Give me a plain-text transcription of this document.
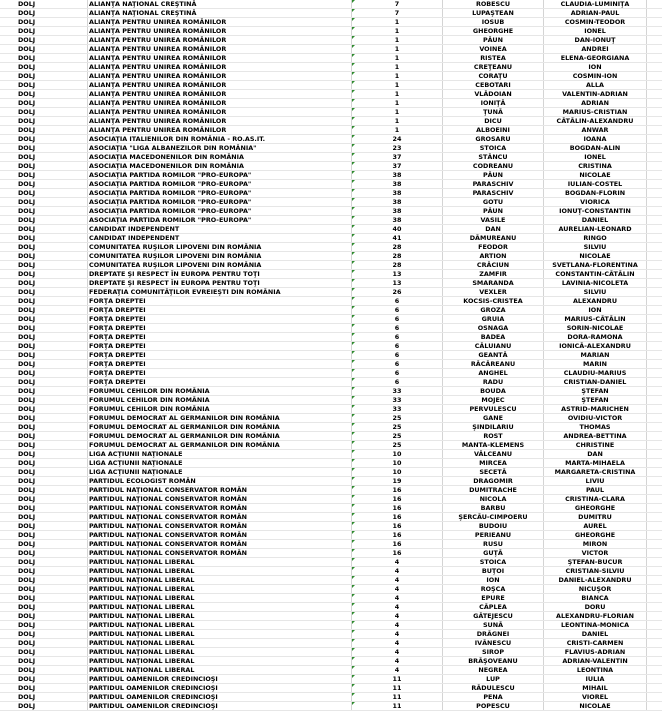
DOLJ	ALIANŢA NAŢIONAL CREŞTINĂ	7	ROBESCU	CLAUDIA-LUMINIŢA	
DOLJ	ALIANŢA NAŢIONAL CREŞTINĂ	7	LUPAŞTEAN	ADRIAN-PAUL	
DOLJ	ALIANŢA PENTRU UNIREA ROMÂNILOR	1	IOSUB	COSMIN-TEODOR	
DOLJ	ALIANŢA PENTRU UNIREA ROMÂNILOR	1	GHEORGHE	IONEL	
DOLJ	ALIANŢA PENTRU UNIREA ROMÂNILOR	1	PĂUN	DAN-IONUŢ	
DOLJ	ALIANŢA PENTRU UNIREA ROMÂNILOR	1	VOINEA	ANDREI	
DOLJ	ALIANŢA PENTRU UNIREA ROMÂNILOR	1	RISTEA	ELENA-GEORGIANA	
DOLJ	ALIANŢA PENTRU UNIREA ROMÂNILOR	1	CREŢEANU	ION	
DOLJ	ALIANŢA PENTRU UNIREA ROMÂNILOR	1	CORAŢU	COSMIN-ION	
DOLJ	ALIANŢA PENTRU UNIREA ROMÂNILOR	1	CEBOTARI	ALLA	
DOLJ	ALIANŢA PENTRU UNIREA ROMÂNILOR	1	VLĂDOIAN	VALENTIN-ADRIAN	
DOLJ	ALIANŢA PENTRU UNIREA ROMÂNILOR	1	IONIŢĂ	ADRIAN	
DOLJ	ALIANŢA PENTRU UNIREA ROMÂNILOR	1	ŢUNĂ	MARIUS-CRISTIAN	
DOLJ	ALIANŢA PENTRU UNIREA ROMÂNILOR	1	DICU	CĂTĂLIN-ALEXANDRU	
DOLJ	ALIANŢA PENTRU UNIREA ROMÂNILOR	1	ALBOEINI	ANWAR	
DOLJ	ASOCIAŢIA ITALIENILOR DIN ROMÂNIA - RO.AS.IT.	24	GROSARU	IOANA	
DOLJ	ASOCIAŢIA "LIGA ALBANEZILOR DIN ROMÂNIA"	23	STOICA	BOGDAN-ALIN	
DOLJ	ASOCIAŢIA MACEDONENILOR DIN ROMÂNIA	37	STĂNCU	IONEL	
DOLJ	ASOCIAŢIA MACEDONENILOR DIN ROMÂNIA	37	CODREANU	CRISTINA	
DOLJ	ASOCIAŢIA PARTIDA ROMILOR "PRO-EUROPA"	38	PĂUN	NICOLAE	
DOLJ	ASOCIAŢIA PARTIDA ROMILOR "PRO-EUROPA"	38	PARASCHIV	IULIAN-COSTEL	
DOLJ	ASOCIAŢIA PARTIDA ROMILOR "PRO-EUROPA"	38	PARASCHIV	BOGDAN-FLORIN	
DOLJ	ASOCIAŢIA PARTIDA ROMILOR "PRO-EUROPA"	38	GOTU	VIORICA	
DOLJ	ASOCIAŢIA PARTIDA ROMILOR "PRO-EUROPA"	38	PĂUN	IONUŢ-CONSTANTIN	
DOLJ	ASOCIAŢIA PARTIDA ROMILOR "PRO-EUROPA"	38	VASILE	DANIEL	
DOLJ	CANDIDAT INDEPENDENT	40	DAN	AURELIAN-LEONARD	
DOLJ	CANDIDAT INDEPENDENT	41	DĂMUREANU	RINGO	
DOLJ	COMUNITATEA RUŞILOR LIPOVENI DIN ROMÂNIA	28	FEODOR	SILVIU	
DOLJ	COMUNITATEA RUŞILOR LIPOVENI DIN ROMÂNIA	28	ARTION	NICOLAE	
DOLJ	COMUNITATEA RUŞILOR LIPOVENI DIN ROMÂNIA	28	CRĂCIUN	SVETLANA-FLORENTINA	
DOLJ	DREPTATE ŞI RESPECT ÎN EUROPA PENTRU TOŢI	13	ZAMFIR	CONSTANTIN-CĂTĂLIN	
DOLJ	DREPTATE ŞI RESPECT ÎN EUROPA PENTRU TOŢI	13	SMARANDA	LAVINIA-NICOLETA	
DOLJ	FEDERAŢIA COMUNITĂŢILOR EVREIEŞTI DIN ROMÂNIA	26	VEXLER	SILVIU	
DOLJ	FORŢA DREPTEI	6	KOCSIS-CRISTEA	ALEXANDRU	
DOLJ	FORŢA DREPTEI	6	GROZA	ION	
DOLJ	FORŢA DREPTEI	6	GRUIA	MARIUS-CĂTĂLIN	
DOLJ	FORŢA DREPTEI	6	OSNAGA	SORIN-NICOLAE	
DOLJ	FORŢA DREPTEI	6	BADEA	DORA-RAMONA	
DOLJ	FORŢA DREPTEI	6	CĂLUIANU	IONICĂ-ALEXANDRU	
DOLJ	FORŢA DREPTEI	6	GEANTĂ	MARIAN	
DOLJ	FORŢA DREPTEI	6	RĂCĂREANU	MARIN	
DOLJ	FORŢA DREPTEI	6	ANGHEL	CLAUDIU-MARIUS	
DOLJ	FORŢA DREPTEI	6	RADU	CRISTIAN-DANIEL	
DOLJ	FORUMUL CEHILOR DIN ROMÂNIA	33	BOUDA	ŞTEFAN	
DOLJ	FORUMUL CEHILOR DIN ROMÂNIA	33	MOJEC	ŞTEFAN	
DOLJ	FORUMUL CEHILOR DIN ROMÂNIA	33	PERVULESCU	ASTRID-MARICHEN	
DOLJ	FORUMUL DEMOCRAT AL GERMANILOR DIN ROMÂNIA	25	GANE	OVIDIU-VICTOR	
DOLJ	FORUMUL DEMOCRAT AL GERMANILOR DIN ROMÂNIA	25	ŞINDILARIU	THOMAS	
DOLJ	FORUMUL DEMOCRAT AL GERMANILOR DIN ROMÂNIA	25	ROST	ANDREA-BETTINA	
DOLJ	FORUMUL DEMOCRAT AL GERMANILOR DIN ROMÂNIA	25	MANTA-KLEMENS	CHRISTINE	
DOLJ	LIGA ACŢIUNII NAŢIONALE	10	VÂLCEANU	DAN	
DOLJ	LIGA ACŢIUNII NAŢIONALE	10	MIRCEA	MARTA-MIHAELA	
DOLJ	LIGA ACŢIUNII NAŢIONALE	10	SECETĂ	MARGARETA-CRISTINA	
DOLJ	PARTIDUL ECOLOGIST ROMÂN	19	DRAGOMIR	LIVIU	
DOLJ	PARTIDUL NAŢIONAL CONSERVATOR ROMÂN	16	DUMITRACHE	PAUL	
DOLJ	PARTIDUL NAŢIONAL CONSERVATOR ROMÂN	16	NICOLA	CRISTINA-CLARA	
DOLJ	PARTIDUL NAŢIONAL CONSERVATOR ROMÂN	16	BARBU	GHEORGHE	
DOLJ	PARTIDUL NAŢIONAL CONSERVATOR ROMÂN	16	ŞERCĂU-CIMPOERU	DUMITRU	
DOLJ	PARTIDUL NAŢIONAL CONSERVATOR ROMÂN	16	BUDOIU	AUREL	
DOLJ	PARTIDUL NAŢIONAL CONSERVATOR ROMÂN	16	PERIEANU	GHEORGHE	
DOLJ	PARTIDUL NAŢIONAL CONSERVATOR ROMÂN	16	RUSU	MIRON	
DOLJ	PARTIDUL NAŢIONAL CONSERVATOR ROMÂN	16	GUŢĂ	VICTOR	
DOLJ	PARTIDUL NAŢIONAL LIBERAL	4	STOICA	ŞTEFAN-BUCUR	
DOLJ	PARTIDUL NAŢIONAL LIBERAL	4	BUŢOI	CRISTIAN-SILVIU	
DOLJ	PARTIDUL NAŢIONAL LIBERAL	4	ION	DANIEL-ALEXANDRU	
DOLJ	PARTIDUL NAŢIONAL LIBERAL	4	ROŞCA	NICUŞOR	
DOLJ	PARTIDUL NAŢIONAL LIBERAL	4	EPURE	BIANCA	
DOLJ	PARTIDUL NAŢIONAL LIBERAL	4	CĂPLEA	DORU	
DOLJ	PARTIDUL NAŢIONAL LIBERAL	4	GĂTEJESCU	ALEXANDRU-FLORIAN	
DOLJ	PARTIDUL NAŢIONAL LIBERAL	4	SUNĂ	LEONTINA-MONICA	
DOLJ	PARTIDUL NAŢIONAL LIBERAL	4	DRĂGNEI	DANIEL	
DOLJ	PARTIDUL NAŢIONAL LIBERAL	4	IVĂNESCU	CRISTI-CARMEN	
DOLJ	PARTIDUL NAŢIONAL LIBERAL	4	SIROP	FLAVIUS-ADRIAN	
DOLJ	PARTIDUL NAŢIONAL LIBERAL	4	BRĂŞOVEANU	ADRIAN-VALENTIN	
DOLJ	PARTIDUL NAŢIONAL LIBERAL	4	NEGREA	LEONTINA	
DOLJ	PARTIDUL OAMENILOR CREDINCIOŞI	11	LUP	IULIA	
DOLJ	PARTIDUL OAMENILOR CREDINCIOŞI	11	RĂDULESCU	MIHAIL	
DOLJ	PARTIDUL OAMENILOR CREDINCIOŞI	11	PENA	VIOREL	
DOLJ	PARTIDUL OAMENILOR CREDINCIOŞI	11	POPESCU	NICOLAE	
